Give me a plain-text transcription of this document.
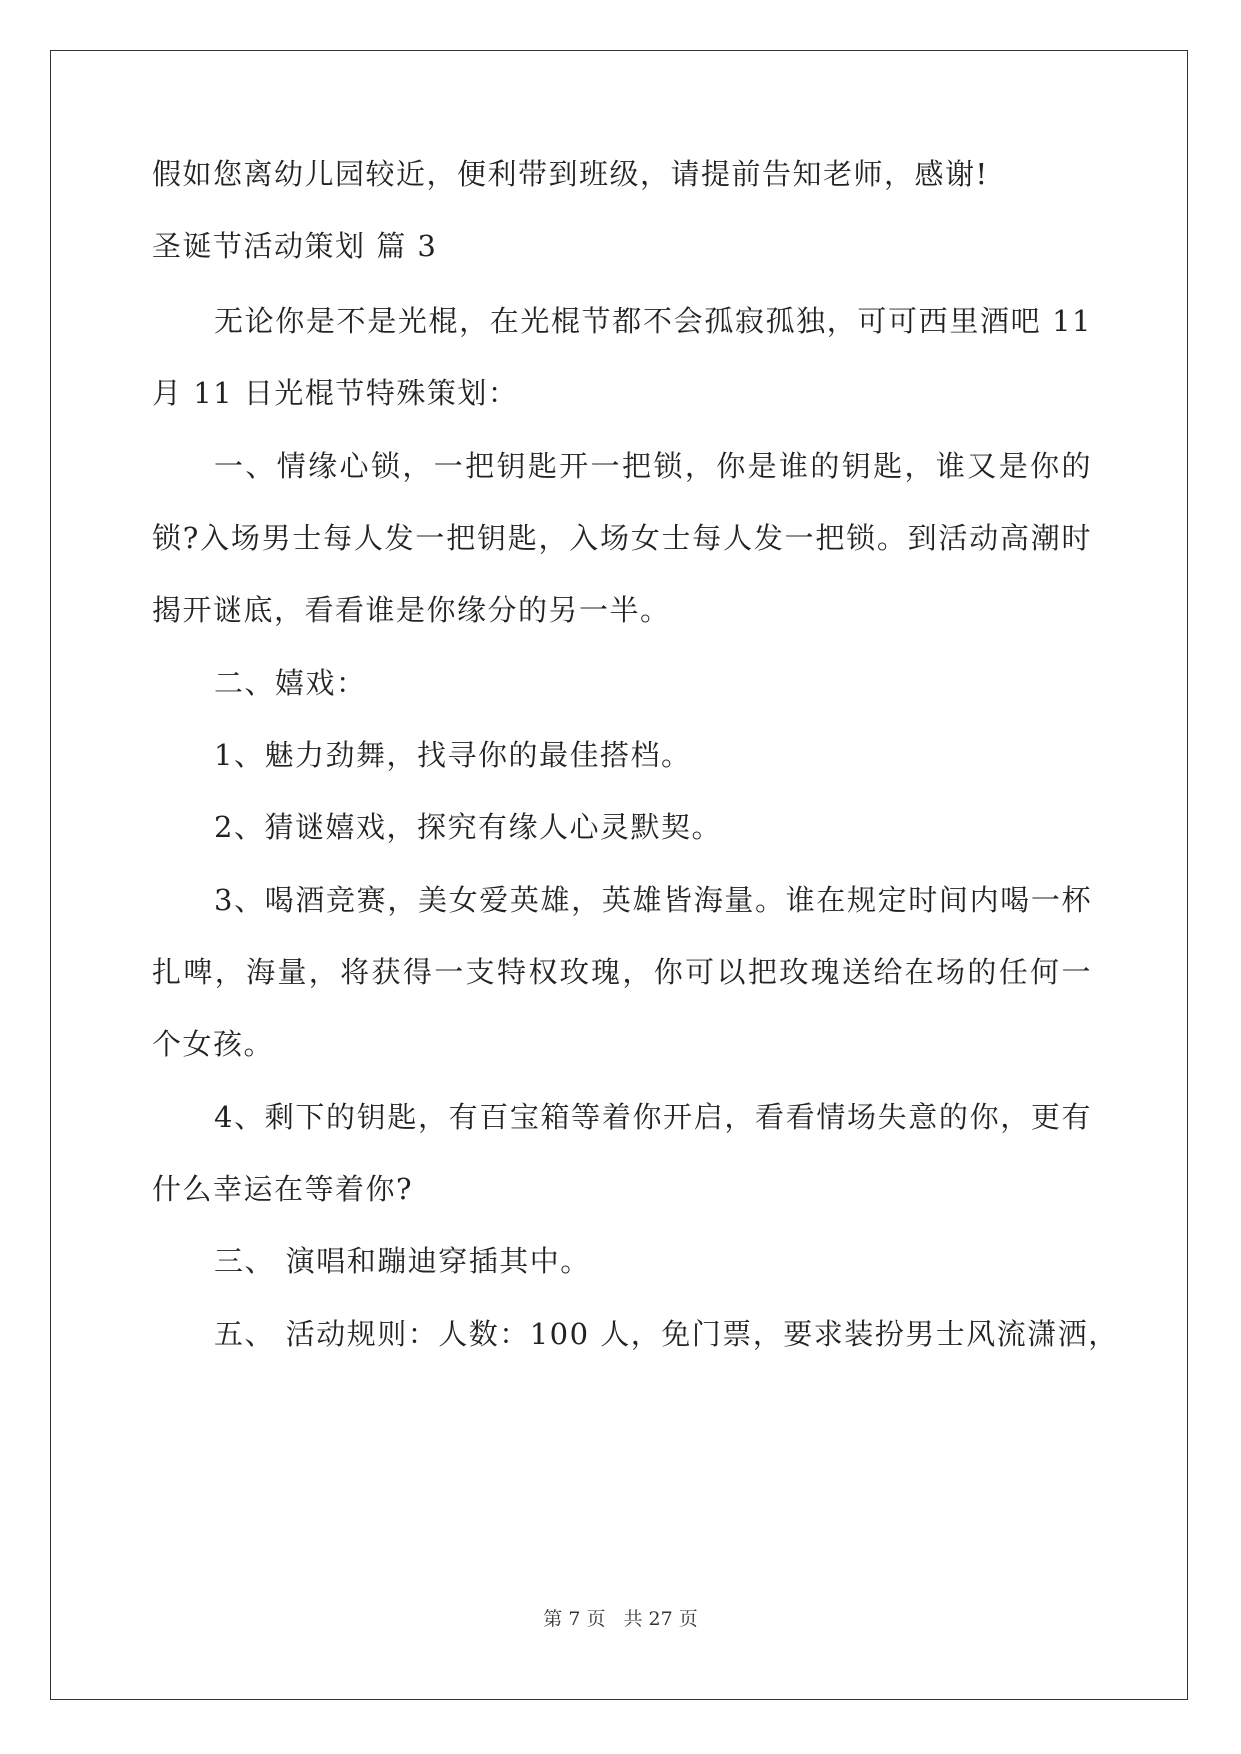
假如您离幼儿园较近，便利带到班级，请提前告知老师，感谢!
圣诞节活动策划 篇 3
无论你是不是光棍，在光棍节都不会孤寂孤独，可可西里酒吧 11
月 11 日光棍节特殊策划：
一、情缘心锁，一把钥匙开一把锁，你是谁的钥匙，谁又是你的
锁?入场男士每人发一把钥匙，入场女士每人发一把锁。到活动高潮时
揭开谜底，看看谁是你缘分的另一半。
二、嬉戏：
1、魅力劲舞，找寻你的最佳搭档。
2、猜谜嬉戏，探究有缘人心灵默契。
3、喝酒竞赛，美女爱英雄，英雄皆海量。谁在规定时间内喝一杯
扎啤，海量，将获得一支特权玫瑰，你可以把玫瑰送给在场的任何一
个女孩。
4、剩下的钥匙，有百宝箱等着你开启，看看情场失意的你，更有
什么幸运在等着你?
三、 演唱和蹦迪穿插其中。
五、 活动规则：人数：100 人，免门票，要求装扮男士风流潇洒，
第 7 页 共 27 页
